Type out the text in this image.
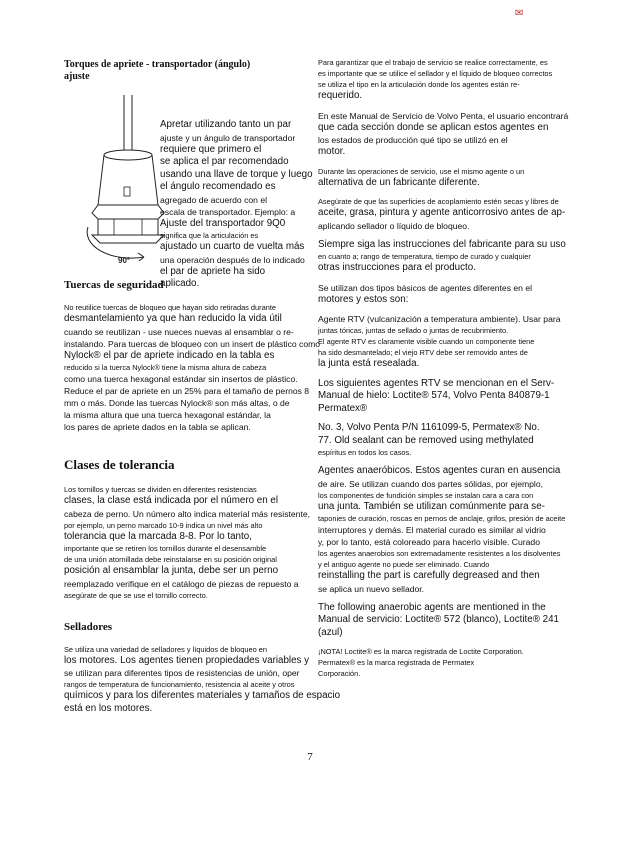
✉
Torques de apriete - transportador (ángulo)
ajuste
90°
Apretar utilizando tanto un par
ajuste y un ángulo de transportador
requiere que primero el
se aplica el par recomendado
usando una llave de torque y luego
el ángulo recomendado es
agregado de acuerdo con el
escala de transportador. Ejemplo: a
Ajuste del transportador 9Q0
significa que la articulación es
ajustado un cuarto de vuelta más
una operación después de lo indicado
el par de apriete ha sido
aplicado.
Tuercas de seguridad
No reutilice tuercas de bloqueo que hayan sido retiradas durante
desmantelamiento ya que han reducido la vida útil
cuando se reutilizan - use nueces nuevas al ensamblar o re-
instalando. Para tuercas de bloqueo con un insert de plástico como
Nylock® el par de apriete indicado en la tabla es
reducido si la tuerca Nylock® tiene la misma altura de cabeza
como una tuerca hexagonal estándar sin insertos de plástico.
Reduce el par de apriete en un 25% para el tamaño de pernos 8
mm o más. Donde las tuercas Nylock® son más altas, o de
la misma altura que una tuerca hexagonal estándar, la
los pares de apriete dados en la tabla se aplican.
Clases de tolerancia
Los tornillos y tuercas se dividen en diferentes resistencias
clases, la clase está indicada por el número en el
cabeza de perno. Un número alto indica material más resistente,
por ejemplo, un perno marcado 10-9 indica un nivel más alto
tolerancia que la marcada 8-8. Por lo tanto,
importante que se retiren los tornillos durante el desensamble
de una unión atornillada debe reinstalarse en su posición original
posición al ensamblar la junta, debe ser un perno
reemplazado verifique en el catálogo de piezas de repuesto a
asegúrate de que se use el tornillo correcto.
Selladores
Se utiliza una variedad de selladores y líquidos de bloqueo en
los motores. Los agentes tienen propiedades variables y
se utilizan para diferentes tipos de resistencias de unión, oper
rangos de temperatura de funcionamiento, resistencia al aceite y otros
químicos y para los diferentes materiales y tamaños de espacio
está en los motores.
Para garantizar que el trabajo de servicio se realice correctamente, es
es importante que se utilice el sellador y el líquido de bloqueo correctos
se utiliza el tipo en la articulación donde los agentes están re-
requerido.
En este Manual de Servicio de Volvo Penta, el usuario encontrará
que cada sección donde se aplican estos agentes en
los estados de producción qué tipo se utilizó en el
motor.
Durante las operaciones de servicio, use el mismo agente o un
alternativa de un fabricante diferente.
Asegúrate de que las superficies de acoplamiento estén secas y libres de
aceite, grasa, pintura y agente anticorrosivo antes de ap-
aplicando sellador o líquido de bloqueo.
Siempre siga las instrucciones del fabricante para su uso
en cuanto a; rango de temperatura, tiempo de curado y cualquier
otras instrucciones para el producto.
Se utilizan dos tipos básicos de agentes diferentes en el
motores y estos son:
Agente RTV (vulcanización a temperatura ambiente). Usar para
juntas tóricas, juntas de sellado o juntas de recubrimiento.
El agente RTV es claramente visible cuando un componente tiene
ha sido desmantelado; el viejo RTV debe ser removido antes de
la junta está resealada.
Los siguientes agentes RTV se mencionan en el Serv-
Manual de hielo: Loctite® 574, Volvo Penta 840879-1
Permatex®
No. 3, Volvo Penta P/N 1161099-5, Permatex® No.
77. Old sealant can be removed using methylated
espíritus en todos los casos.
Agentes anaeróbicos. Estos agentes curan en ausencia
de aire. Se utilizan cuando dos partes sólidas, por ejemplo,
los componentes de fundición simples se instalan cara a cara con
una junta. También se utilizan comúnmente para se-
taponies de curación, roscas en pernos de anclaje, grifos, presión de aceite
interruptores y demás. El material curado es similar al vidrio
y, por lo tanto, está coloreado para hacerlo visible. Curado
los agentes anaerobios son extremadamente resistentes a los disolventes
y el antiguo agente no puede ser eliminado. Cuando
reinstalling the part is carefully degreased and then
se aplica un nuevo sellador.
The following anaerobic agents are mentioned in the
Manual de servicio: Loctite® 572 (blanco), Loctite® 241
(azul)
¡NOTA! Loctite® es la marca registrada de Loctite Corporation.
Permatex® es la marca registrada de Permatex
Corporación.
7
